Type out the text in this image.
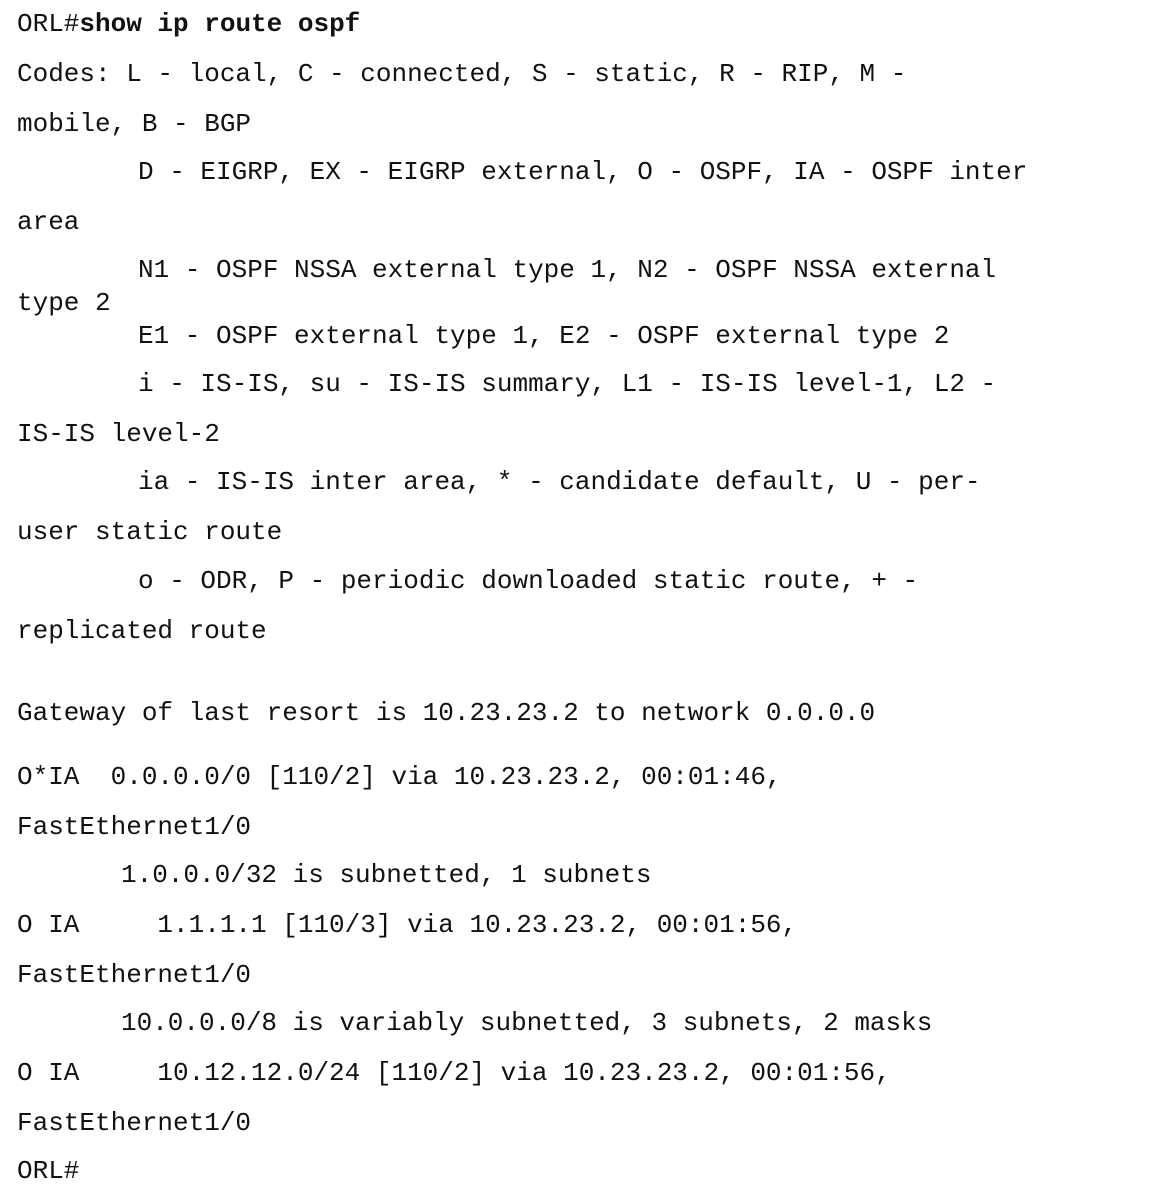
ORL#show ip route ospf
Codes: L - local, C - connected, S - static, R - RIP, M -
mobile, B - BGP
D - EIGRP, EX - EIGRP external, O - OSPF, IA - OSPF inter
area
N1 - OSPF NSSA external type 1, N2 - OSPF NSSA external
type 2
E1 - OSPF external type 1, E2 - OSPF external type 2
i - IS-IS, su - IS-IS summary, L1 - IS-IS level-1, L2 -
IS-IS level-2
ia - IS-IS inter area, * - candidate default, U - per-
user static route
o - ODR, P - periodic downloaded static route, + -
replicated route
Gateway of last resort is 10.23.23.2 to network 0.0.0.0
O*IA  0.0.0.0/0 [110/2] via 10.23.23.2, 00:01:46,
FastEthernet1/0
1.0.0.0/32 is subnetted, 1 subnets
O IA     1.1.1.1 [110/3] via 10.23.23.2, 00:01:56,
FastEthernet1/0
10.0.0.0/8 is variably subnetted, 3 subnets, 2 masks
O IA     10.12.12.0/24 [110/2] via 10.23.23.2, 00:01:56,
FastEthernet1/0
ORL#
